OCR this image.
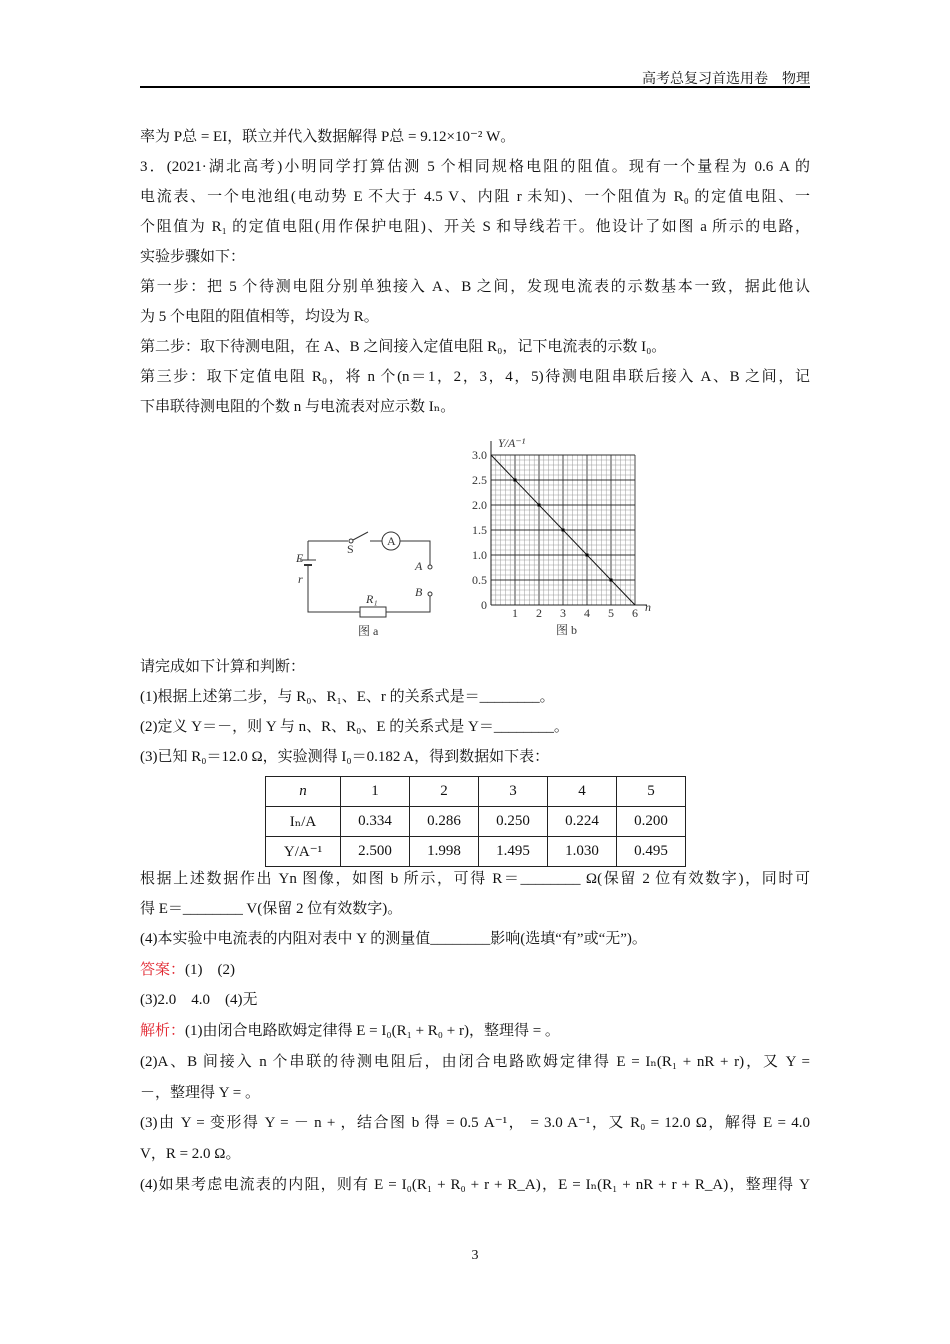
高考总复习首选用卷　物理
率为 P总 = EI，联立并代入数据解得 P总 = 9.12×10⁻² W。
3．(2021·湖北高考)小明同学打算估测 5 个相同规格电阻的阻值。现有一个量程为 0.6 A 的
电流表、一个电池组(电动势 E 不大于 4.5 V、内阻 r 未知)、一个阻值为 R₀ 的定值电阻、一
个阻值为 R₁ 的定值电阻(用作保护电阻)、开关 S 和导线若干。他设计了如图 a 所示的电路，
实验步骤如下：
第一步：把 5 个待测电阻分别单独接入 A、B 之间，发现电流表的示数基本一致，据此他认
为 5 个电阻的阻值相等，均设为 R。
第二步：取下待测电阻，在 A、B 之间接入定值电阻 R₀，记下电流表的示数 I₀。
第三步：取下定值电阻 R₀，将 n 个(n＝1，2，3，4，5)待测电阻串联后接入 A、B 之间，记
下串联待测电阻的个数 n 与电流表对应示数 Iₙ。
S
A
E
r
A
B
R₁
图 a
1 2 3 4 5 6
0
0.5
1.0
1.5
2.0
2.5
3.0
Y/A⁻¹
n
图 b
请完成如下计算和判断：
(1)根据上述第二步，与 R₀、R₁、E、r 的关系式是＝________。
(2)定义 Y＝－，则 Y 与 n、R、R₀、E 的关系式是 Y＝________。
(3)已知 R₀＝12.0 Ω，实验测得 I₀＝0.182 A，得到数据如下表：
n	1	2	3	4	5
Iₙ/A	0.334	0.286	0.250	0.224	0.200
Y/A⁻¹	2.500	1.998	1.495	1.030	0.495
根据上述数据作出 Yn 图像，如图 b 所示，可得 R＝________ Ω(保留 2 位有效数字)，同时可
得 E＝________ V(保留 2 位有效数字)。
(4)本实验中电流表的内阻对表中 Y 的测量值________影响(选填“有”或“无”)。
答案：(1)　(2)
(3)2.0　4.0　(4)无
解析：(1)由闭合电路欧姆定律得 E = I₀(R₁ + R₀ + r)，整理得 = 。
(2)A、B 间接入 n 个串联的待测电阻后，由闭合电路欧姆定律得 E = Iₙ(R₁ + nR + r)，又 Y =
－，整理得 Y = 。
(3)由 Y = 变形得 Y = － n + ，结合图 b 得 = 0.5 A⁻¹， = 3.0 A⁻¹，又 R₀ = 12.0 Ω，解得 E = 4.0
V，R = 2.0 Ω。
(4)如果考虑电流表的内阻，则有 E = I₀(R₁ + R₀ + r + R_A)，E = Iₙ(R₁ + nR + r + R_A)，整理得 Y
3
